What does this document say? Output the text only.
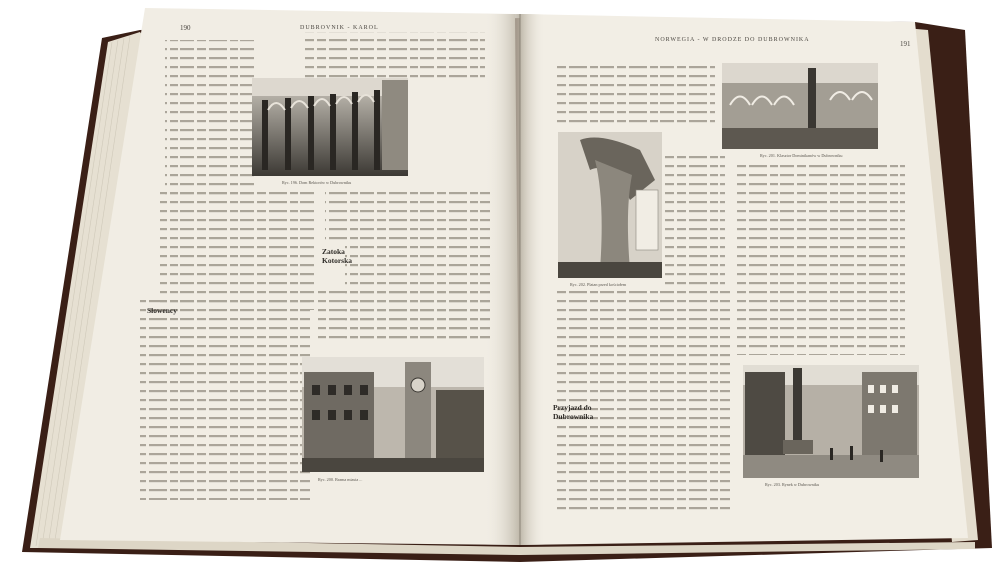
190	DUBROVNIK - KAROL
191
NORWEGIA - W DRODZE DO DUBROWNIKA
Zatoka Kotorska
Słowency
Przyjazd do Dubrownika
Ryc. 196. Dom Rektorów w Dubrowniku
Ryc. 200. Brama miasta ...
Ryc. 201. Klasztor Dominikanów w Dubrowniku
Ryc. 202. Platan przed kościołem
Ryc. 203. Rynek w Dubrowniku
